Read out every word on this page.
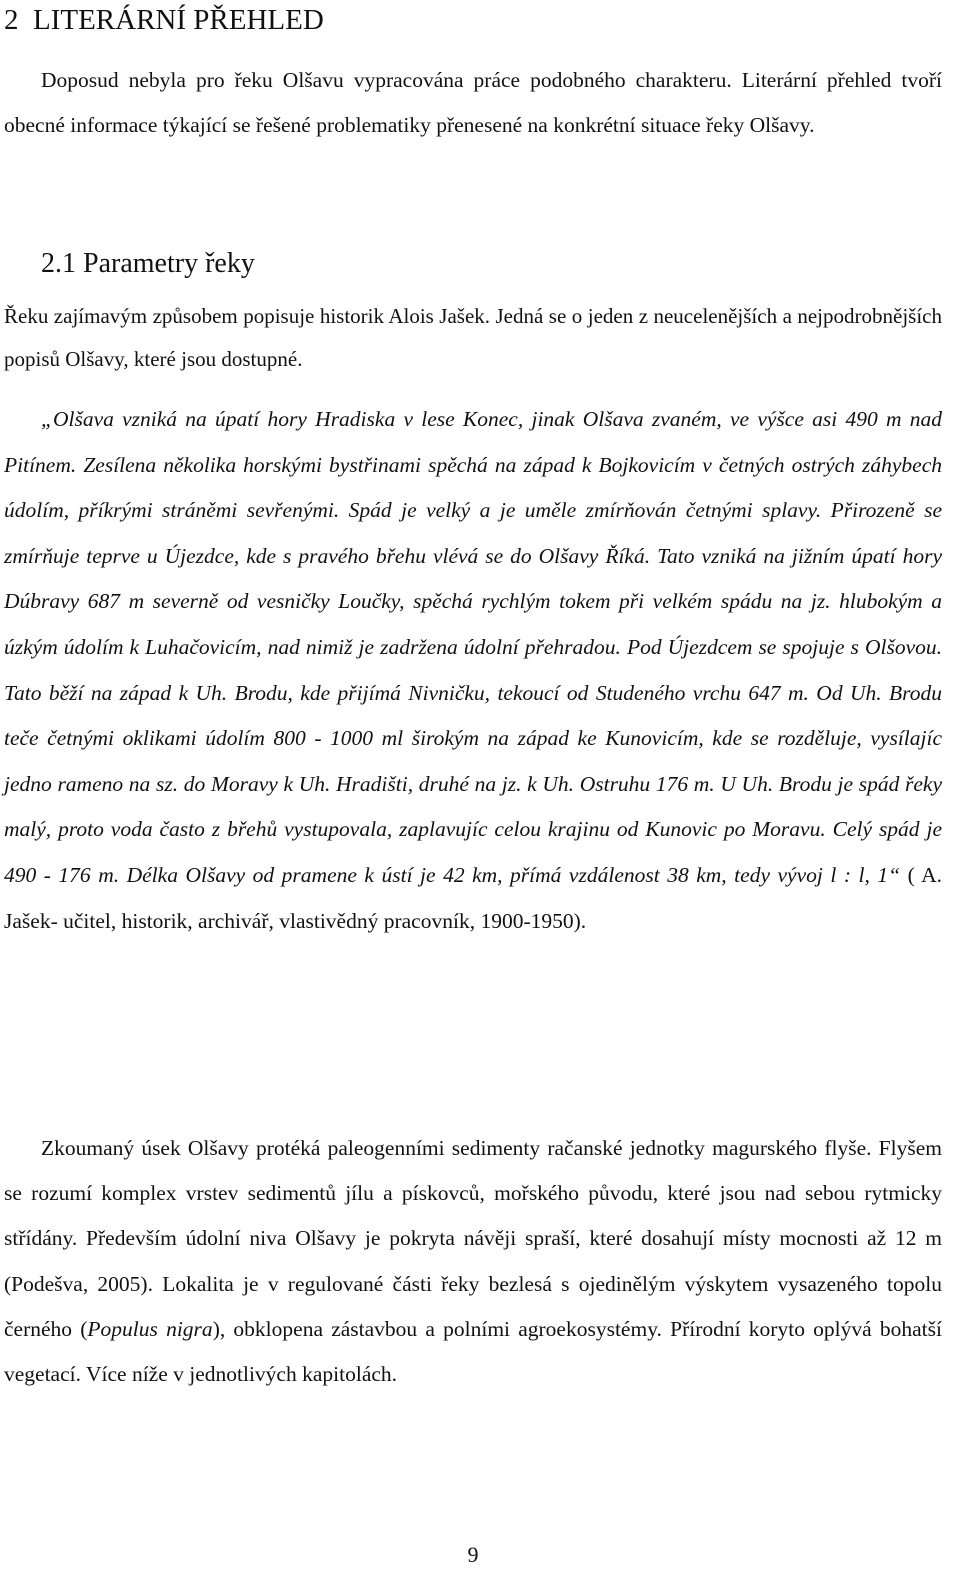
2 LITERÁRNÍ PŘEHLED

Doposud nebyla pro řeku Olšavu vypracována práce podobného charakteru. Literární přehled tvoří obecné informace týkající se řešené problematiky přenesené na konkrétní situace řeky Olšavy.

2.1 Parametry řeky

Řeku zajímavým způsobem popisuje historik Alois Jašek. Jedná se o jeden z neucelenějších a nejpodrobnějších popisů Olšavy, které jsou dostupné.

„Olšava vzniká na úpatí hory Hradiska v lese Konec, jinak Olšava zvaném, ve výšce asi 490 m nad Pitínem. Zesílena několika horskými bystřinami spěchá na západ k Bojkovicím v četných ostrých záhybech údolím, příkrými stráněmi sevřenými. Spád je velký a je uměle zmírňován četnými splavy. Přirozeně se zmírňuje teprve u Újezdce, kde s pravého břehu vlévá se do Olšavy Říká. Tato vzniká na jižním úpatí hory Dúbravy 687 m severně od vesničky Loučky, spěchá rychlým tokem při velkém spádu na jz. hlubokým a úzkým údolím k Luhačovicím, nad nimiž je zadržena údolní přehradou. Pod Újezdcem se spojuje s Olšovou. Tato běží na západ k Uh. Brodu, kde přijímá Nivničku, tekoucí od Studeného vrchu 647 m. Od Uh. Brodu teče četnými oklikami údolím 800 - 1000 ml širokým na západ ke Kunovicím, kde se rozděluje, vysílajíc jedno rameno na sz. do Moravy k Uh. Hradišti, druhé na jz. k Uh. Ostruhu 176 m. U Uh. Brodu je spád řeky malý, proto voda často z břehů vystupovala, zaplavujíc celou krajinu od Kunovic po Moravu. Celý spád je 490 - 176 m. Délka Olšavy od pramene k ústí je 42 km, přímá vzdálenost 38 km, tedy vývoj l : l, 1“ ( A. Jašek- učitel, historik, archivář, vlastivědný pracovník, 1900-1950).

Zkoumaný úsek Olšavy protéká paleogenními sedimenty račanské jednotky magurského flyše. Flyšem se rozumí komplex vrstev sedimentů jílu a pískovců, mořského původu, které jsou nad sebou rytmicky střídány. Především údolní niva Olšavy je pokryta návěji spraší, které dosahují místy mocnosti až 12 m (Podešva, 2005). Lokalita je v regulované části řeky bezlesá s ojedinělým výskytem vysazeného topolu černého (Populus nigra), obklopena zástavbou a polními agroekosystémy. Přírodní koryto oplývá bohatší vegetací. Více níže v jednotlivých kapitolách.

9
